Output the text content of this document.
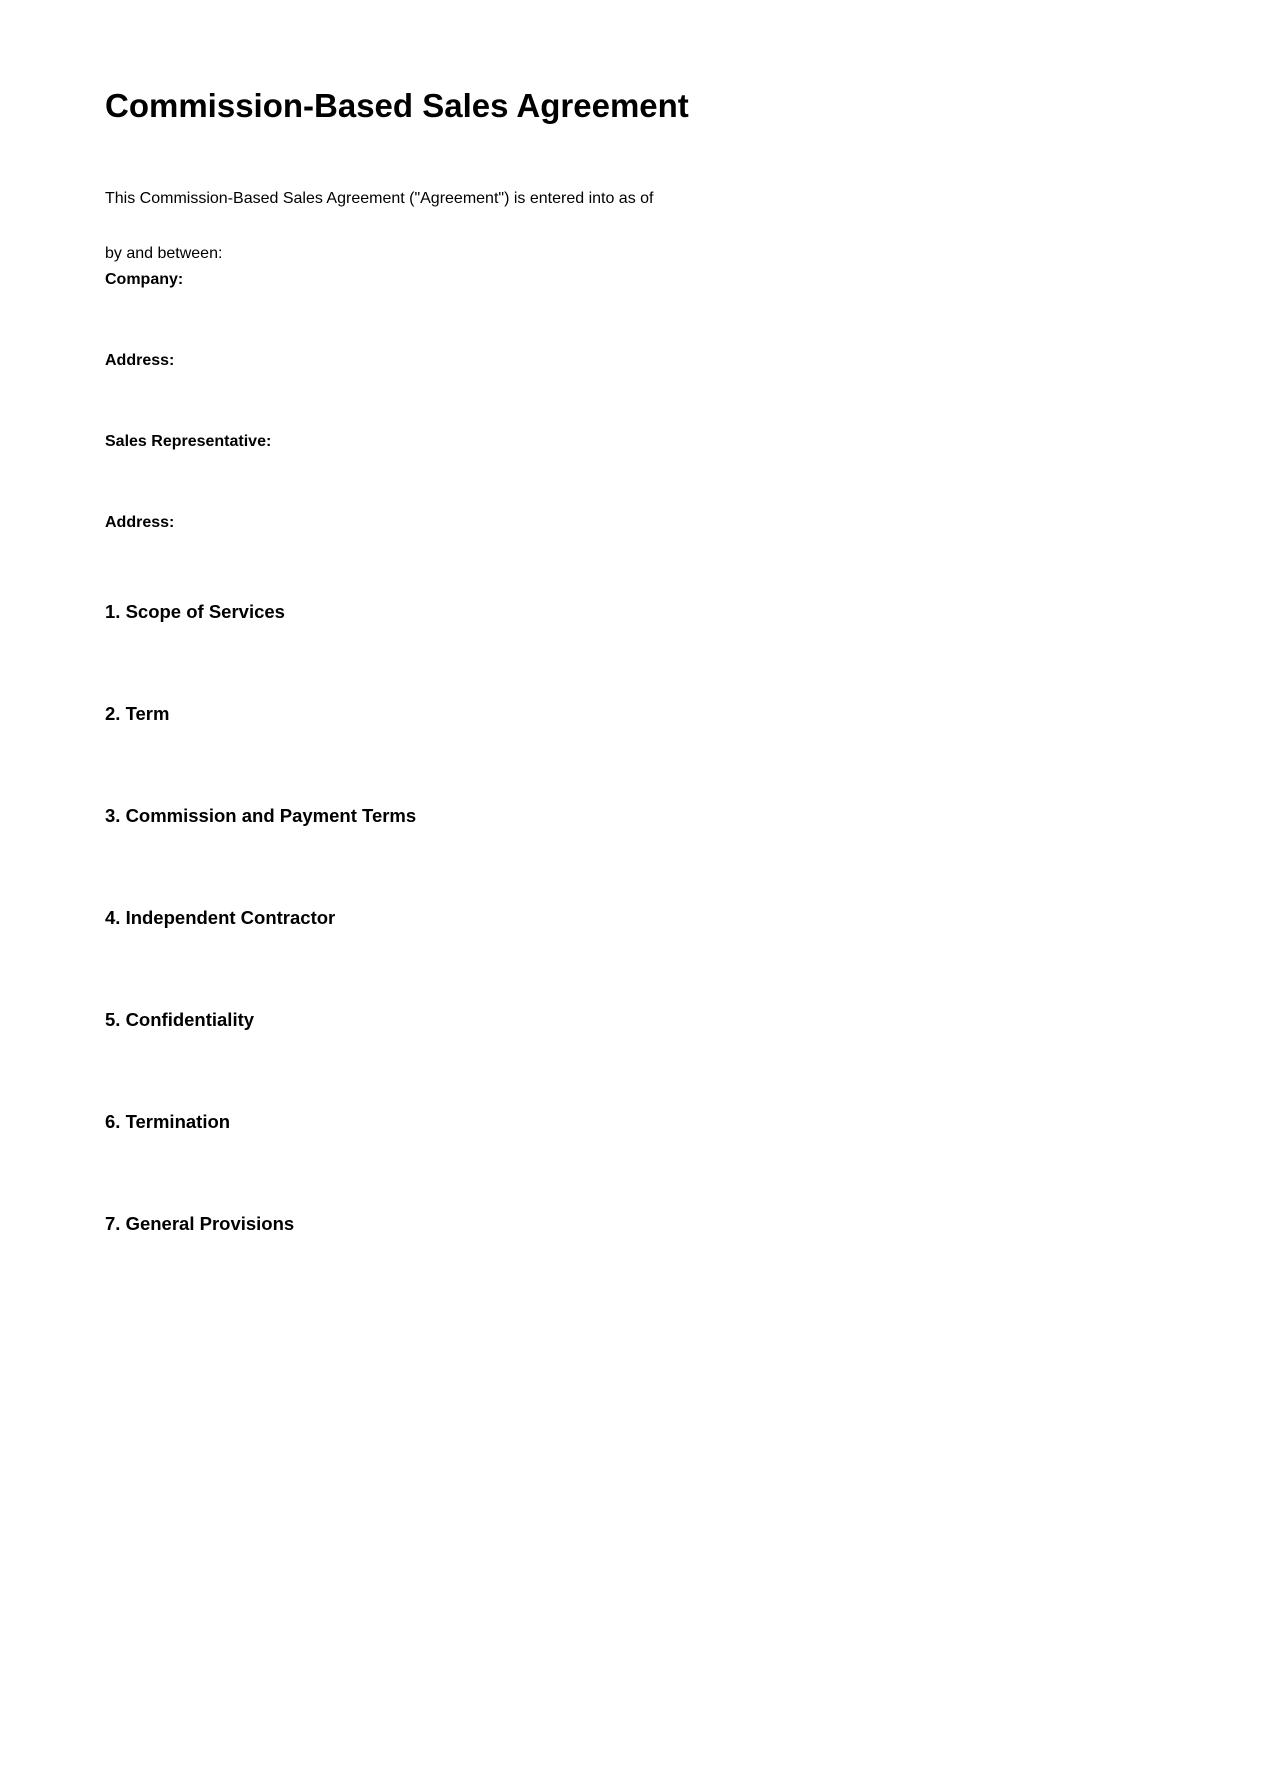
Commission-Based Sales Agreement

This Commission-Based Sales Agreement ("Agreement") is entered into as of

by and between:

Company:

Address:

Sales Representative:

Address:

1. Scope of Services
2. Term
3. Commission and Payment Terms
4. Independent Contractor
5. Confidentiality
6. Termination
7. General Provisions
